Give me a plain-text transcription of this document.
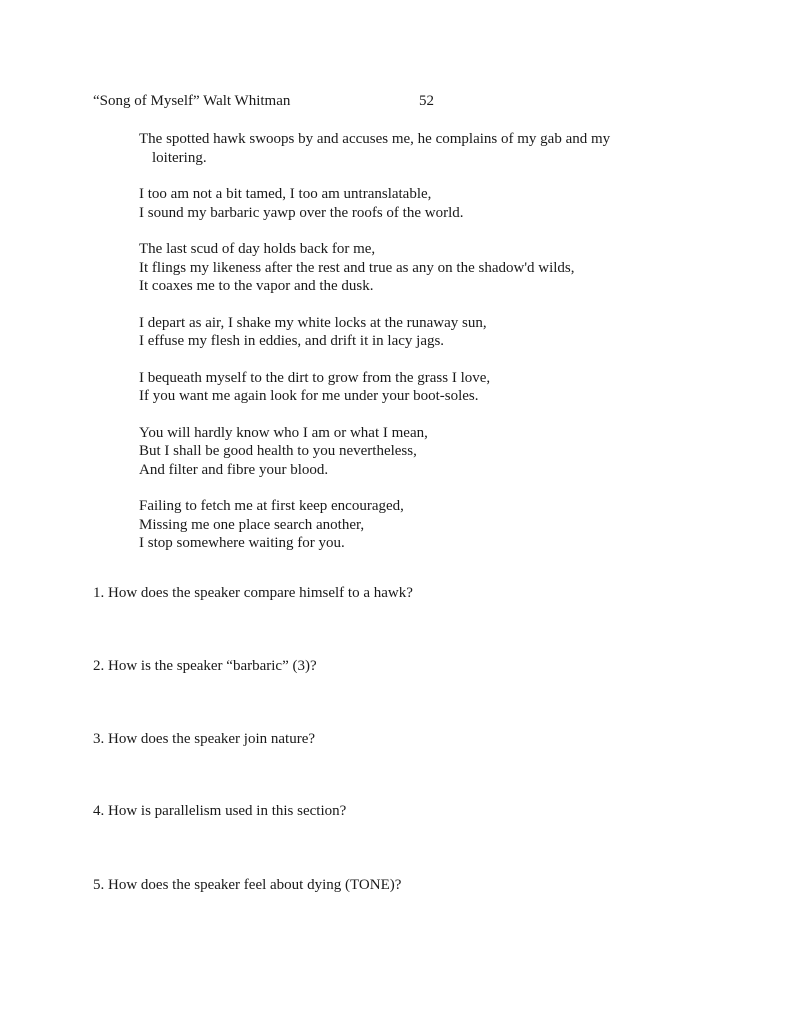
“Song of Myself” Walt Whitman	52
The spotted hawk swoops by and accuses me, he complains of my gab and my
loitering.
I too am not a bit tamed, I too am untranslatable,
I sound my barbaric yawp over the roofs of the world.
The last scud of day holds back for me,
It flings my likeness after the rest and true as any on the shadow'd wilds,
It coaxes me to the vapor and the dusk.
I depart as air, I shake my white locks at the runaway sun,
I effuse my flesh in eddies, and drift it in lacy jags.
I bequeath myself to the dirt to grow from the grass I love,
If you want me again look for me under your boot-soles.
You will hardly know who I am or what I mean,
But I shall be good health to you nevertheless,
And filter and fibre your blood.
Failing to fetch me at first keep encouraged,
Missing me one place search another,
I stop somewhere waiting for you.
1. How does the speaker compare himself to a hawk?
2. How is the speaker “barbaric” (3)?
3. How does the speaker join nature?
4. How is parallelism used in this section?
5. How does the speaker feel about dying (TONE)?
